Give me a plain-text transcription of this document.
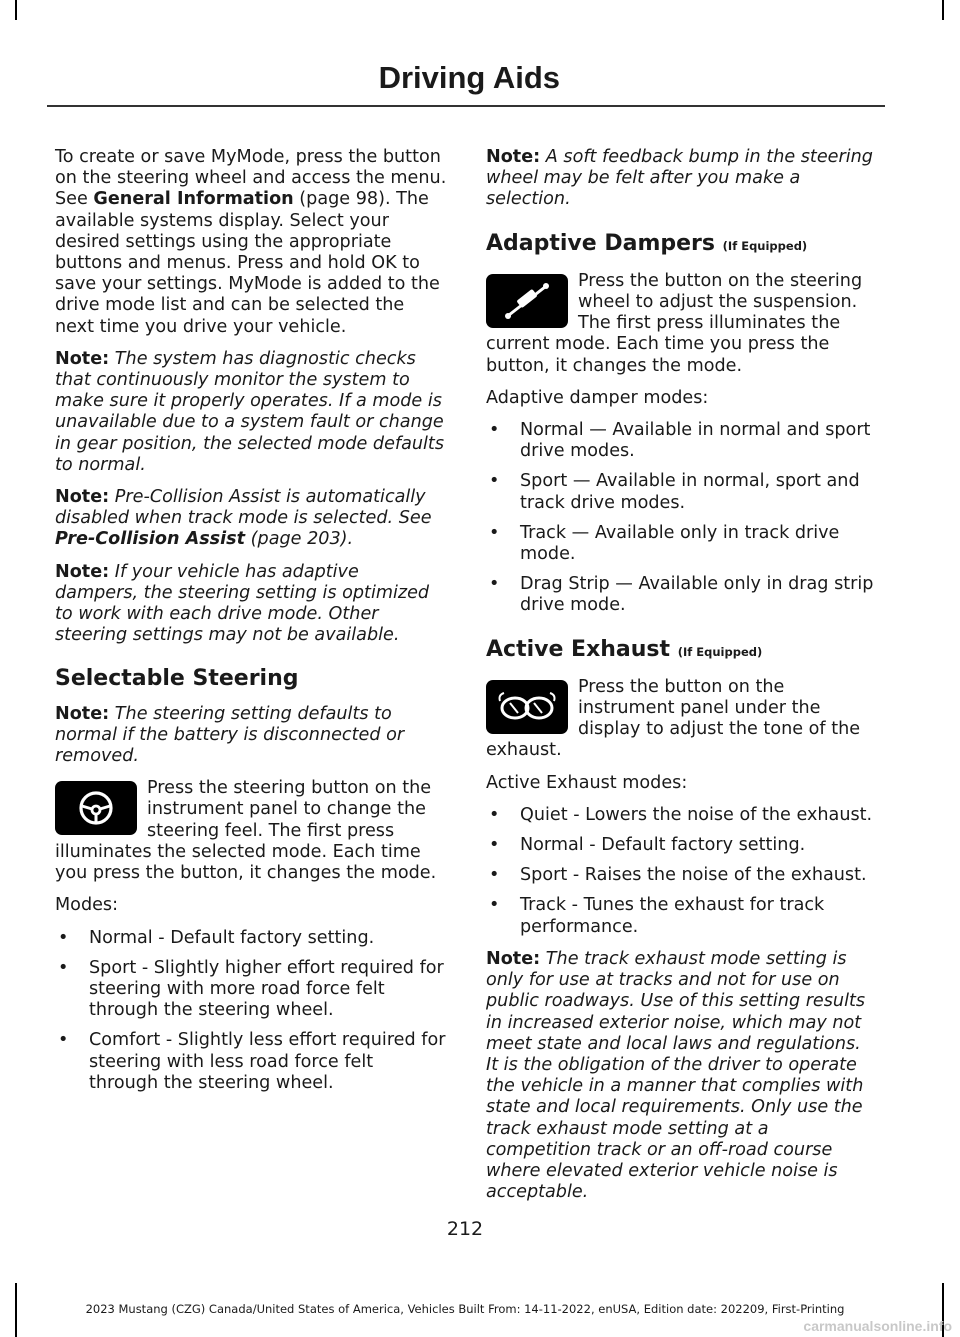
Driving Aids

To create or save MyMode, press the button on the steering wheel and access the menu. See General Information (page 98). The available systems display. Select your desired settings using the appropriate buttons and menus. Press and hold OK to save your settings. MyMode is added to the drive mode list and can be selected the next time you drive your vehicle.

Note: The system has diagnostic checks that continuously monitor the system to make sure it properly operates. If a mode is unavailable due to a system fault or change in gear position, the selected mode defaults to normal.

Note: Pre-Collision Assist is automatically disabled when track mode is selected. See Pre-Collision Assist (page 203).

Note: If your vehicle has adaptive dampers, the steering setting is optimized to work with each drive mode. Other steering settings may not be available.

Selectable Steering

Note: The steering setting defaults to normal if the battery is disconnected or removed.

Press the steering button on the instrument panel to change the steering feel. The first press illuminates the selected mode. Each time you press the button, it changes the mode.

Modes:

• Normal - Default factory setting.
• Sport - Slightly higher effort required for steering with more road force felt through the steering wheel.
• Comfort - Slightly less effort required for steering with less road force felt through the steering wheel.

Note: A soft feedback bump in the steering wheel may be felt after you make a selection.

Adaptive Dampers (If Equipped)

Press the button on the steering wheel to adjust the suspension. The first press illuminates the current mode. Each time you press the button, it changes the mode.

Adaptive damper modes:

• Normal — Available in normal and sport drive modes.
• Sport — Available in normal, sport and track drive modes.
• Track — Available only in track drive mode.
• Drag Strip — Available only in drag strip drive mode.
Active Exhaust (If Equipped)

Press the button on the instrument panel under the display to adjust the tone of the exhaust.

Active Exhaust modes:

• Quiet - Lowers the noise of the exhaust.
• Normal - Default factory setting.
• Sport - Raises the noise of the exhaust.
• Track - Tunes the exhaust for track performance.

Note: The track exhaust mode setting is only for use at tracks and not for use on public roadways. Use of this setting results in increased exterior noise, which may not meet state and local laws and regulations. It is the obligation of the driver to operate the vehicle in a manner that complies with state and local requirements. Only use the track exhaust mode setting at a competition track or an off-road course where elevated exterior vehicle noise is acceptable.

212
2023 Mustang (CZG) Canada/United States of America, Vehicles Built From: 14-11-2022, enUSA, Edition date: 202209, First-Printing
carmanualsonline.info
